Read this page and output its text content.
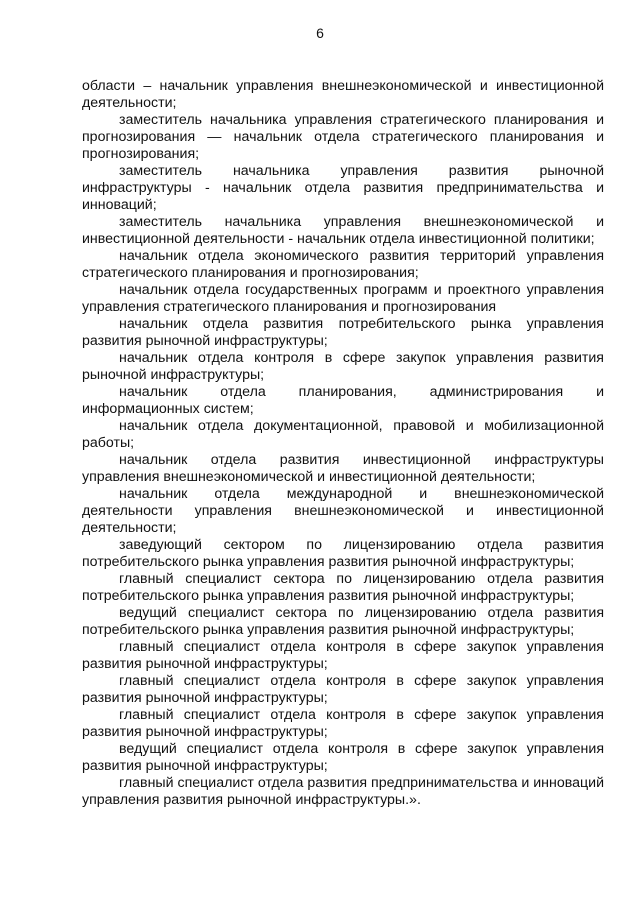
6

области – начальник управления внешнеэкономической и инвестиционной деятельности;

заместитель начальника управления стратегического планирования и прогнозирования — начальник отдела стратегического планирования и прогнозирования;

заместитель начальника управления развития рыночной инфраструктуры - начальник отдела развития предпринимательства и инноваций;

заместитель начальника управления внешнеэкономической и инвестиционной деятельности - начальник отдела инвестиционной политики;

начальник отдела экономического развития территорий управления стратегического планирования и прогнозирования;

начальник отдела государственных программ и проектного управления управления стратегического планирования и прогнозирования

начальник отдела развития потребительского рынка управления развития рыночной инфраструктуры;

начальник отдела контроля в сфере закупок управления развития рыночной инфраструктуры;

начальник отдела планирования, администрирования и информационных систем;

начальник отдела документационной, правовой и мобилизационной работы;

начальник отдела развития инвестиционной инфраструктуры управления внешнеэкономической и инвестиционной деятельности;

начальник отдела международной и внешнеэкономической деятельности управления внешнеэкономической и инвестиционной деятельности;

заведующий сектором по лицензированию отдела развития потребительского рынка управления развития рыночной инфраструктуры;

главный специалист сектора по лицензированию отдела развития потребительского рынка управления развития рыночной инфраструктуры;

ведущий специалист сектора по лицензированию отдела развития потребительского рынка управления развития рыночной инфраструктуры;

главный специалист отдела контроля в сфере закупок управления развития рыночной инфраструктуры;

главный специалист отдела контроля в сфере закупок управления развития рыночной инфраструктуры;

главный специалист отдела контроля в сфере закупок управления развития рыночной инфраструктуры;

ведущий специалист отдела контроля в сфере закупок управления развития рыночной инфраструктуры;

главный специалист отдела развития предпринимательства и инноваций управления развития рыночной инфраструктуры.».
